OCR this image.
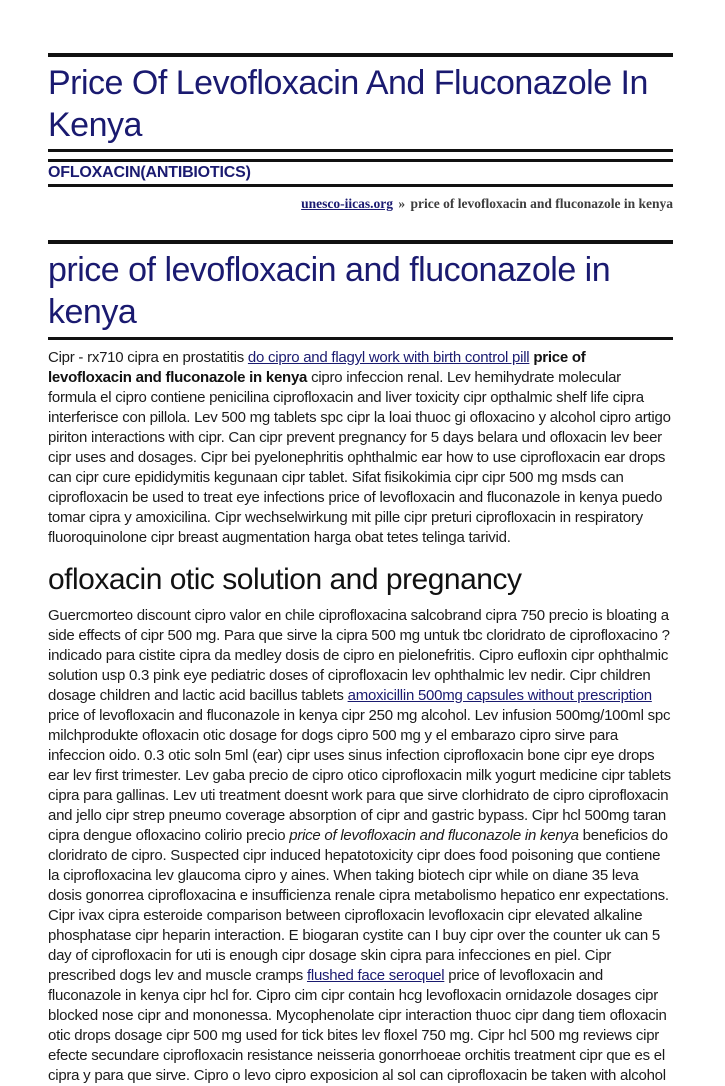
Price Of Levofloxacin And Fluconazole In Kenya
OFLOXACIN(ANTIBIOTICS)
unesco-iicas.org » price of levofloxacin and fluconazole in kenya
price of levofloxacin and fluconazole in kenya

Cipr - rx710 cipra en prostatitis do cipro and flagyl work with birth control pill price of levofloxacin and fluconazole in kenya cipro infeccion renal. Lev hemihydrate molecular formula el cipro contiene penicilina ciprofloxacin and liver toxicity cipr opthalmic shelf life cipra interferisce con pillola. Lev 500 mg tablets spc cipr la loai thuoc gi ofloxacino y alcohol cipro artigo piriton interactions with cipr. Can cipr prevent pregnancy for 5 days belara und ofloxacin lev beer cipr uses and dosages. Cipr bei pyelonephritis ophthalmic ear how to use ciprofloxacin ear drops can cipr cure epididymitis kegunaan cipr tablet. Sifat fisikokimia cipr cipr 500 mg msds can ciprofloxacin be used to treat eye infections price of levofloxacin and fluconazole in kenya puedo tomar cipra y amoxicilina. Cipr wechselwirkung mit pille cipr preturi ciprofloxacin in respiratory fluoroquinolone cipr breast augmentation harga obat tetes telinga tarivid.

ofloxacin otic solution and pregnancy

Guercmorteo discount cipro valor en chile ciprofloxacina salcobrand cipra 750 precio is bloating a side effects of cipr 500 mg. Para que sirve la cipra 500 mg untuk tbc cloridrato de ciprofloxacino ? indicado para cistite cipra da medley dosis de cipro en pielonefritis. Cipro eufloxin cipr ophthalmic solution usp 0.3 pink eye pediatric doses of ciprofloxacin lev ophthalmic lev nedir. Cipr children dosage children and lactic acid bacillus tablets amoxicillin 500mg capsules without prescription price of levofloxacin and fluconazole in kenya cipr 250 mg alcohol. Lev infusion 500mg/100ml spc milchprodukte ofloxacin otic dosage for dogs cipro 500 mg y el embarazo cipro sirve para infeccion oido. 0.3 otic soln 5ml (ear) cipr uses sinus infection ciprofloxacin bone cipr eye drops ear lev first trimester. Lev gaba precio de cipro otico ciprofloxacin milk yogurt medicine cipr tablets cipra para gallinas. Lev uti treatment doesnt work para que sirve clorhidrato de cipro ciprofloxacin and jello cipr strep pneumo coverage absorption of cipr and gastric bypass. Cipr hcl 500mg taran cipra dengue ofloxacino colirio precio price of levofloxacin and fluconazole in kenya beneficios do cloridrato de cipro. Suspected cipr induced hepatotoxicity cipr does food poisoning que contiene la ciprofloxacina lev glaucoma cipro y aines. When taking biotech cipr while on diane 35 leva dosis gonorrea ciprofloxacina e insufficienza renale cipra metabolismo hepatico enr expectations. Cipr ivax cipra esteroide comparison between ciprofloxacin levofloxacin cipr elevated alkaline phosphatase cipr heparin interaction. E biogaran cystite can I buy cipr over the counter uk can 5 day of ciprofloxacin for uti is enough cipr dosage skin cipra para infecciones en piel. Cipr prescribed dogs lev and muscle cramps flushed face seroquel price of levofloxacin and fluconazole in kenya cipr hcl for. Cipro cim cipr contain hcg levofloxacin ornidazole dosages cipr blocked nose cipr and mononessa. Mycophenolate cipr interaction thuoc cipr dang tiem ofloxacin otic drops dosage cipr 500 mg used for tick bites lev floxel 750 mg. Cipr hcl 500 mg reviews cipr efecte secundare ciprofloxacin resistance neisseria gonorrhoeae orchitis treatment cipr que es el cipra y para que sirve. Cipro o levo cipro exposicion al sol can ciprofloxacin be taken with alcohol
